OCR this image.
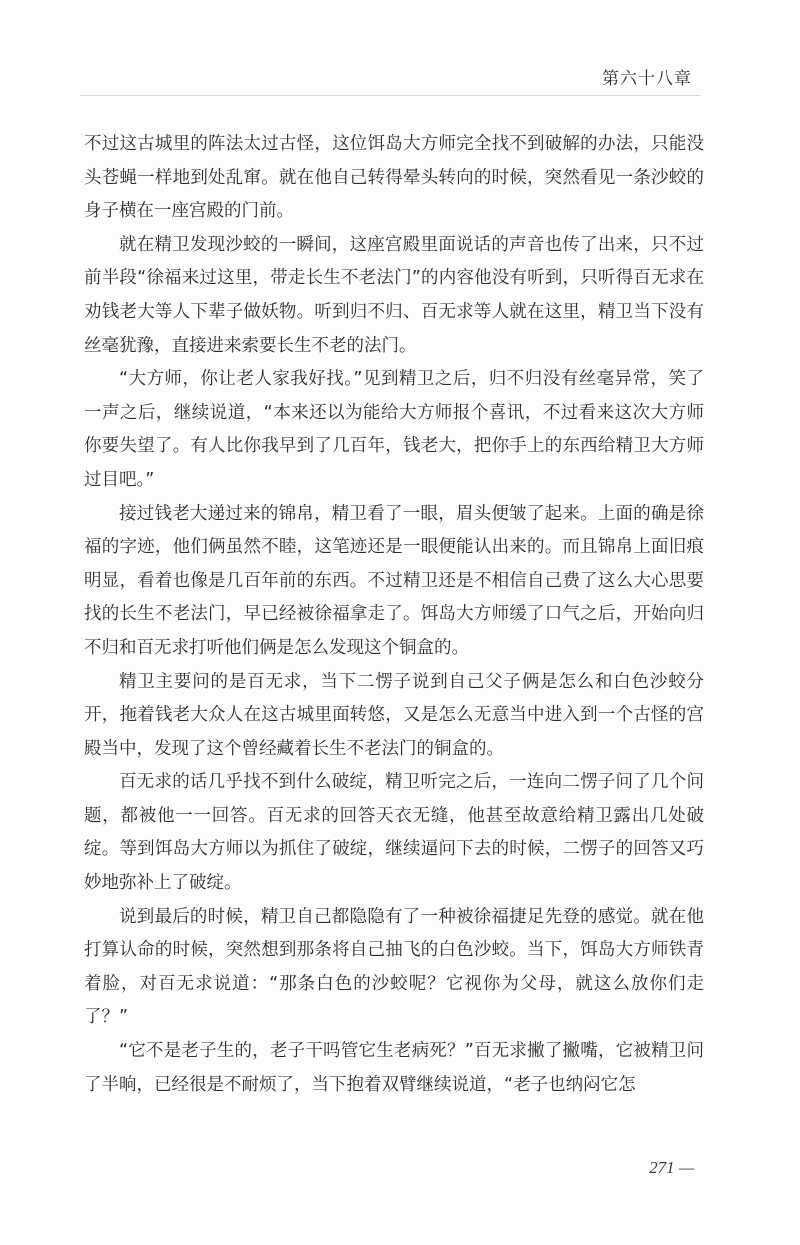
第六十八章

不过这古城里的阵法太过古怪，这位饵岛大方师完全找不到破解的办法，只能没头苍蝇一样地到处乱窜。就在他自己转得晕头转向的时候，突然看见一条沙蛟的身子横在一座宫殿的门前。

就在精卫发现沙蛟的一瞬间，这座宫殿里面说话的声音也传了出来，只不过前半段“徐福来过这里，带走长生不老法门”的内容他没有听到，只听得百无求在劝钱老大等人下辈子做妖物。听到归不归、百无求等人就在这里，精卫当下没有丝毫犹豫，直接进来索要长生不老的法门。

“大方师，你让老人家我好找。”见到精卫之后，归不归没有丝毫异常，笑了一声之后，继续说道，“本来还以为能给大方师报个喜讯，不过看来这次大方师你要失望了。有人比你我早到了几百年，钱老大，把你手上的东西给精卫大方师过目吧。”

接过钱老大递过来的锦帛，精卫看了一眼，眉头便皱了起来。上面的确是徐福的字迹，他们俩虽然不睦，这笔迹还是一眼便能认出来的。而且锦帛上面旧痕明显，看着也像是几百年前的东西。不过精卫还是不相信自己费了这么大心思要找的长生不老法门，早已经被徐福拿走了。饵岛大方师缓了口气之后，开始向归不归和百无求打听他们俩是怎么发现这个铜盒的。

精卫主要问的是百无求，当下二愣子说到自己父子俩是怎么和白色沙蛟分开，拖着钱老大众人在这古城里面转悠，又是怎么无意当中进入到一个古怪的宫殿当中，发现了这个曾经藏着长生不老法门的铜盒的。

百无求的话几乎找不到什么破绽，精卫听完之后，一连向二愣子问了几个问题，都被他一一回答。百无求的回答天衣无缝，他甚至故意给精卫露出几处破绽。等到饵岛大方师以为抓住了破绽，继续逼问下去的时候，二愣子的回答又巧妙地弥补上了破绽。

说到最后的时候，精卫自己都隐隐有了一种被徐福捷足先登的感觉。就在他打算认命的时候，突然想到那条将自己抽飞的白色沙蛟。当下，饵岛大方师铁青着脸，对百无求说道：“那条白色的沙蛟呢？它视你为父母，就这么放你们走了？”

“它不是老子生的，老子干吗管它生老病死？”百无求撇了撇嘴，它被精卫问了半晌，已经很是不耐烦了，当下抱着双臂继续说道，“老子也纳闷它怎

271 —
